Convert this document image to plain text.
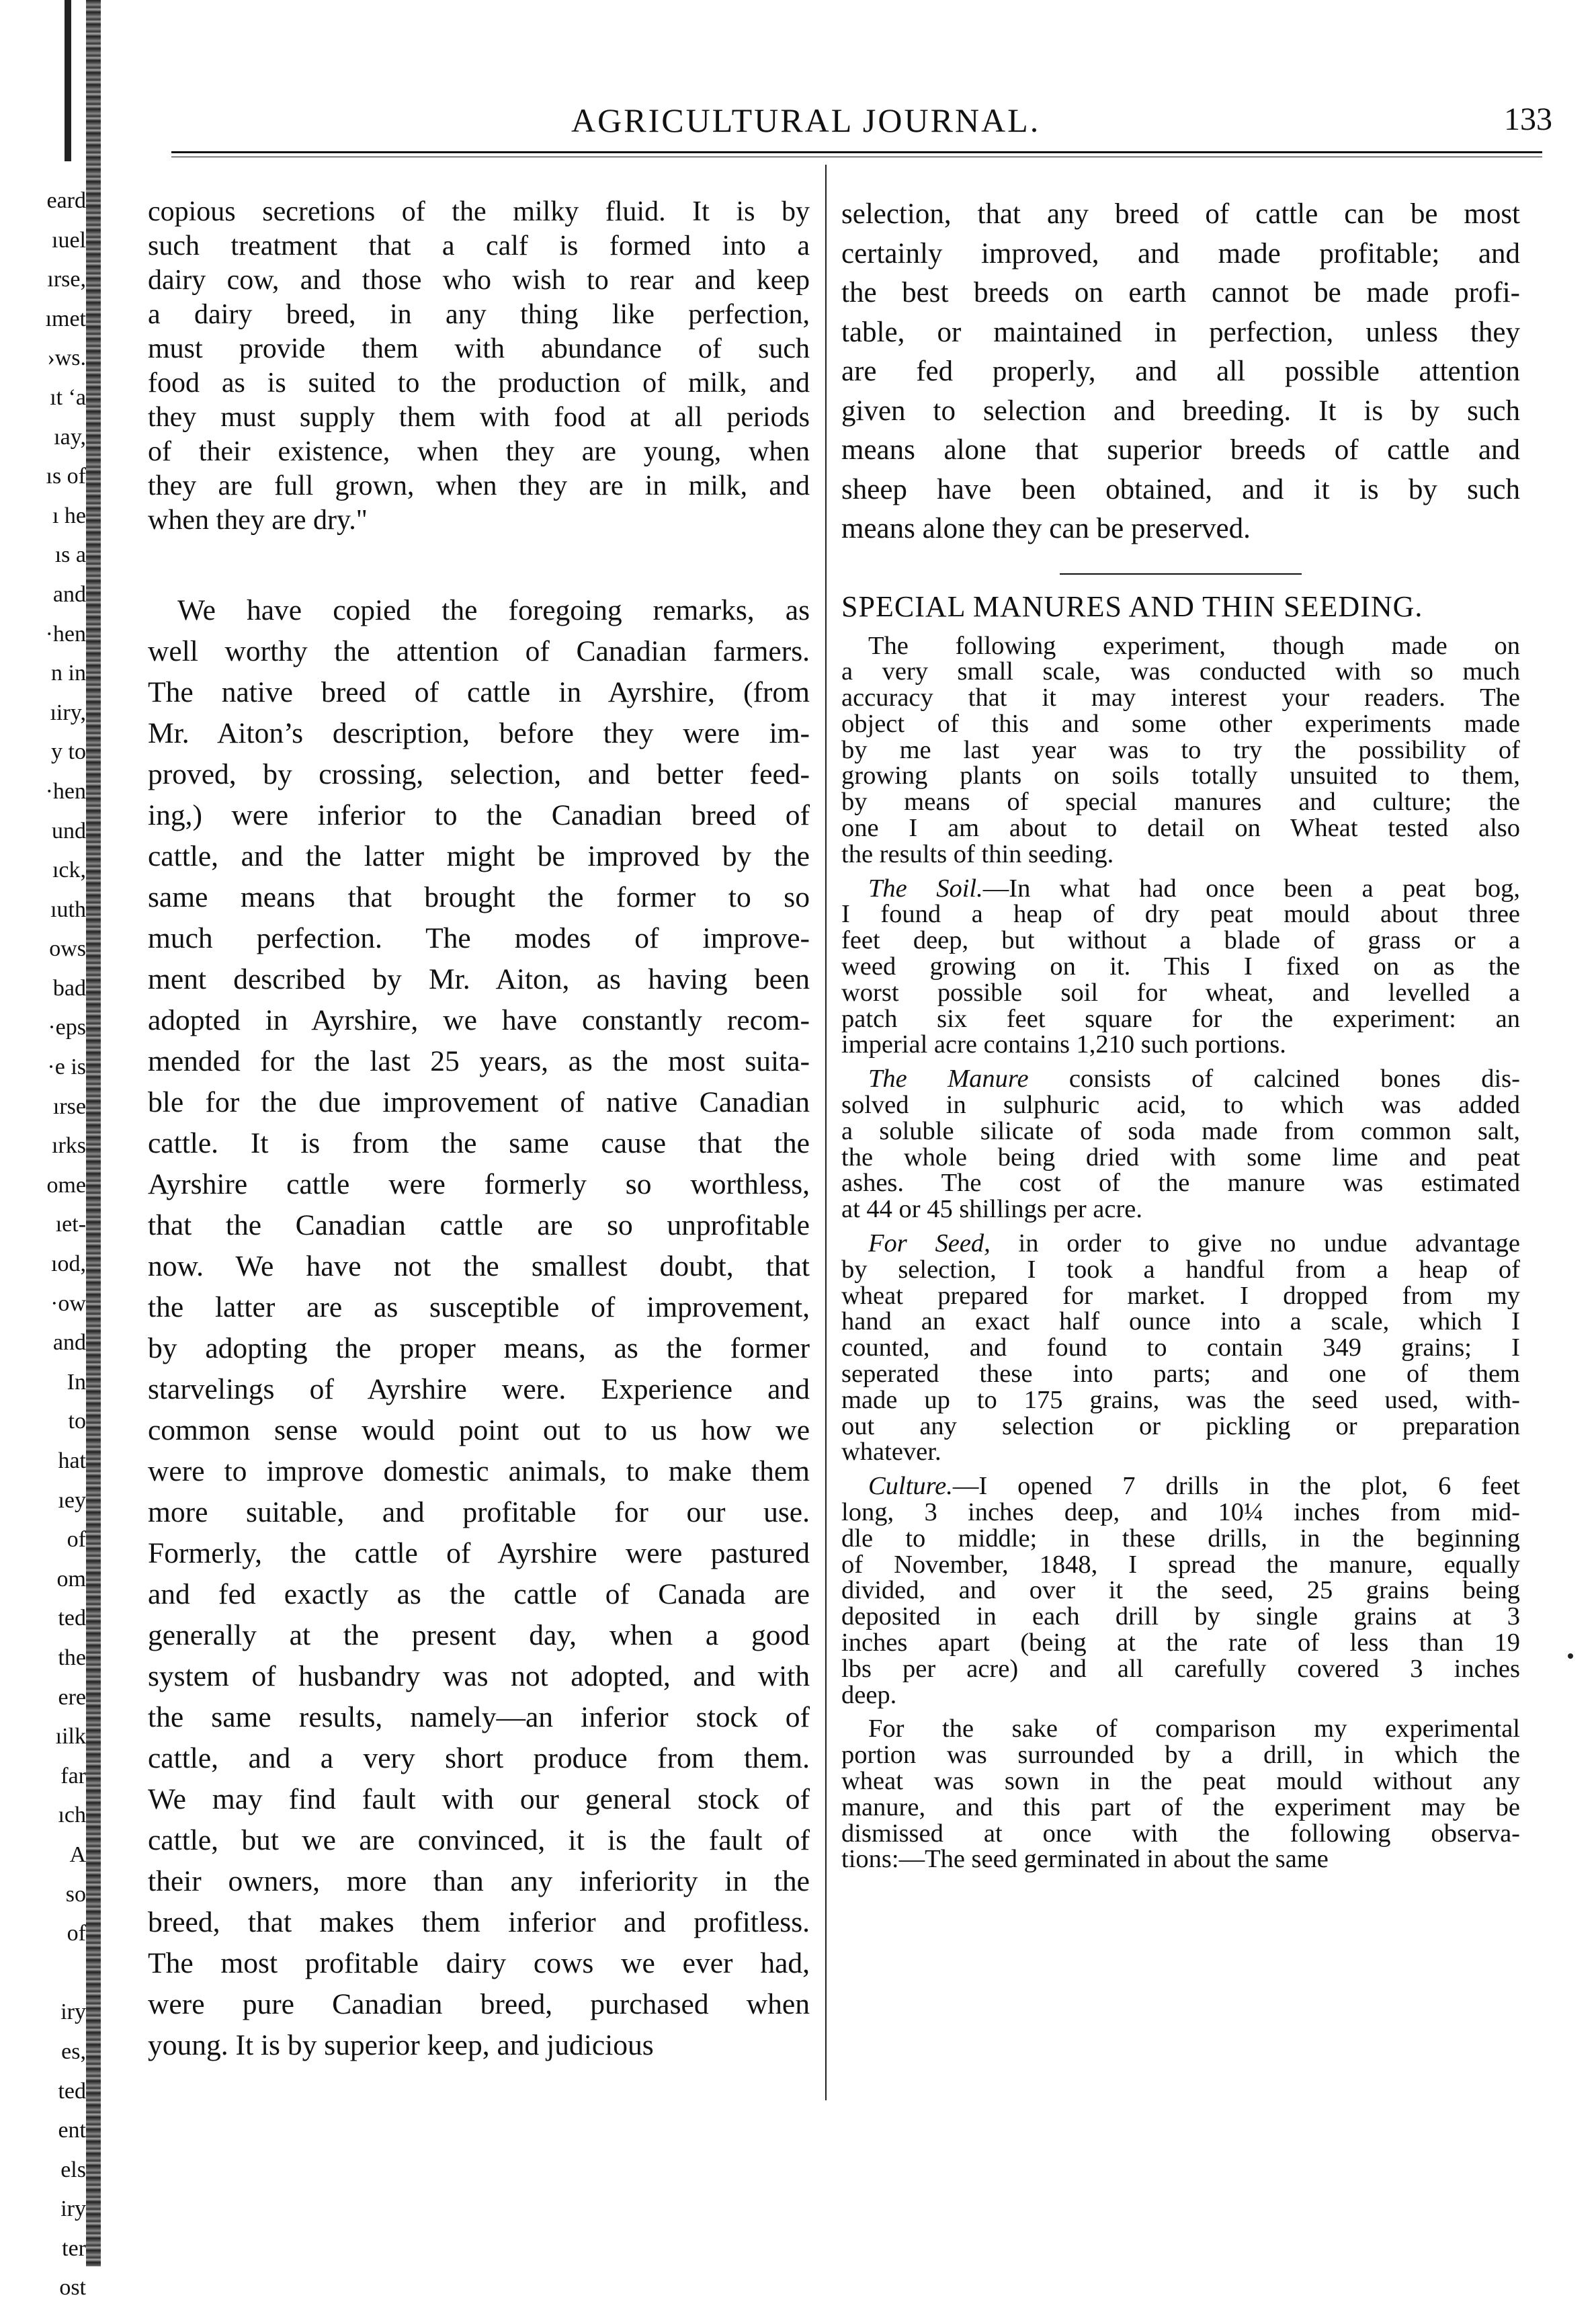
eard
ıuel
ırse,
ımet
›ws.
ıt ‘a
ıay,
ıs of
ı he
ıs a
and
·hen
n in
ıiry,
y to
·hen
und
ıck,
ıuth
ows
bad
·eps
·e is
ırse
ırks
ome
ıet-
ıod,
·ow
and
In
to
hat
ıey
of
om
ted
the
ere
ıilk
far
ıch
A
so
of
iry
es,
ted
ent
els
iry
ter
ost
AGRICULTURAL JOURNAL.	133
copious secretions of the milky fluid. It is by
such treatment that a calf is formed into a
dairy cow, and those who wish to rear and keep
a dairy breed, in any thing like perfection,
must provide them with abundance of such
food as is suited to the production of milk, and
they must supply them with food at all periods
of their existence, when they are young, when
they are full grown, when they are in milk, and
when they are dry."
We have copied the foregoing remarks, as
well worthy the attention of Canadian farmers.
The native breed of cattle in Ayrshire, (from
Mr. Aiton’s description, before they were im-
proved, by crossing, selection, and better feed-
ing,) were inferior to the Canadian breed of
cattle, and the latter might be improved by the
same means that brought the former to so
much perfection. The modes of improve-
ment described by Mr. Aiton, as having been
adopted in Ayrshire, we have constantly recom-
mended for the last 25 years, as the most suita-
ble for the due improvement of native Canadian
cattle. It is from the same cause that the
Ayrshire cattle were formerly so worthless,
that the Canadian cattle are so unprofitable
now. We have not the smallest doubt, that
the latter are as susceptible of improvement,
by adopting the proper means, as the former
starvelings of Ayrshire were. Experience and
common sense would point out to us how we
were to improve domestic animals, to make them
more suitable, and profitable for our use.
Formerly, the cattle of Ayrshire were pastured
and fed exactly as the cattle of Canada are
generally at the present day, when a good
system of husbandry was not adopted, and with
the same results, namely—an inferior stock of
cattle, and a very short produce from them.
We may find fault with our general stock of
cattle, but we are convinced, it is the fault of
their owners, more than any inferiority in the
breed, that makes them inferior and profitless.
The most profitable dairy cows we ever had,
were pure Canadian breed, purchased when
young. It is by superior keep, and judicious
selection, that any breed of cattle can be most
certainly improved, and made profitable; and
the best breeds on earth cannot be made profi-
table, or maintained in perfection, unless they
are fed properly, and all possible attention
given to selection and breeding. It is by such
means alone that superior breeds of cattle and
sheep have been obtained, and it is by such
means alone they can be preserved.
SPECIAL MANURES AND THIN SEEDING.

The following experiment, though made on
a very small scale, was conducted with so much
accuracy that it may interest your readers. The
object of this and some other experiments made
by me last year was to try the possibility of
growing plants on soils totally unsuited to them,
by means of special manures and culture; the
one I am about to detail on Wheat tested also
the results of thin seeding.

The Soil.—In what had once been a peat bog,
I found a heap of dry peat mould about three
feet deep, but without a blade of grass or a
weed growing on it. This I fixed on as the
worst possible soil for wheat, and levelled a
patch six feet square for the experiment: an
imperial acre contains 1,210 such portions.

The Manure consists of calcined bones dis-
solved in sulphuric acid, to which was added
a soluble silicate of soda made from common salt,
the whole being dried with some lime and peat
ashes. The cost of the manure was estimated
at 44 or 45 shillings per acre.

For Seed, in order to give no undue advantage
by selection, I took a handful from a heap of
wheat prepared for market. I dropped from my
hand an exact half ounce into a scale, which I
counted, and found to contain 349 grains; I
seperated these into parts; and one of them
made up to 175 grains, was the seed used, with-
out any selection or pickling or preparation
whatever.

Culture.—I opened 7 drills in the plot, 6 feet
long, 3 inches deep, and 10¼ inches from mid-
dle to middle; in these drills, in the beginning
of November, 1848, I spread the manure, equally
divided, and over it the seed, 25 grains being
deposited in each drill by single grains at 3
inches apart (being at the rate of less than 19
lbs per acre) and all carefully covered 3 inches
deep.

For the sake of comparison my experimental
portion was surrounded by a drill, in which the
wheat was sown in the peat mould without any
manure, and this part of the experiment may be
dismissed at once with the following observa-
tions:—The seed germinated in about the same
